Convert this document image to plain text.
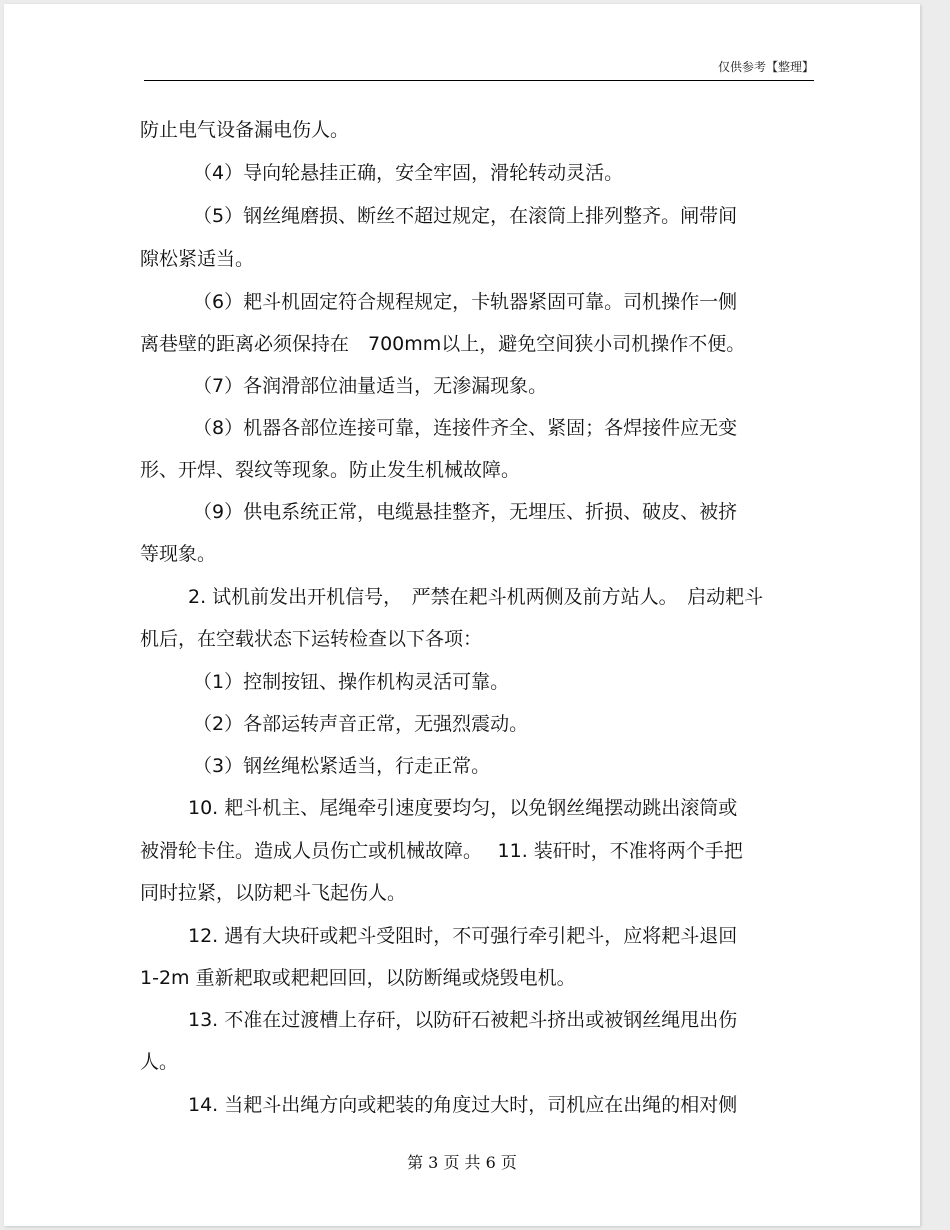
仅供参考【整理】
防止电气设备漏电伤人。
（4）导向轮悬挂正确，安全牢固，滑轮转动灵活。
（5）钢丝绳磨损、断丝不超过规定，在滚筒上排列整齐。闸带间
隙松紧适当。
（6）耙斗机固定符合规程规定，卡轨器紧固可靠。司机操作一侧
离巷壁的距离必须保持在　700mm以上，避免空间狭小司机操作不便。
（7）各润滑部位油量适当，无渗漏现象。
（8）机器各部位连接可靠，连接件齐全、紧固；各焊接件应无变
形、开焊、裂纹等现象。防止发生机械故障。
（9）供电系统正常，电缆悬挂整齐，无埋压、折损、破皮、被挤
等现象。
2. 试机前发出开机信号，　严禁在耙斗机两侧及前方站人。　启动耙斗
机后，在空载状态下运转检查以下各项：
（1）控制按钮、操作机构灵活可靠。
（2）各部运转声音正常，无强烈震动。
（3）钢丝绳松紧适当，行走正常。
10. 耙斗机主、尾绳牵引速度要均匀，以免钢丝绳摆动跳出滚筒或
被滑轮卡住。造成人员伤亡或机械故障。　 11. 装矸时，不准将两个手把
同时拉紧，以防耙斗飞起伤人。
12. 遇有大块矸或耙斗受阻时，不可强行牵引耙斗，应将耙斗退回
1-2m 重新耙取或耙耙回回，以防断绳或烧毁电机。
13. 不准在过渡槽上存矸，以防矸石被耙斗挤出或被钢丝绳甩出伤
人。
14. 当耙斗出绳方向或耙装的角度过大时，司机应在出绳的相对侧
第 3 页 共 6 页
